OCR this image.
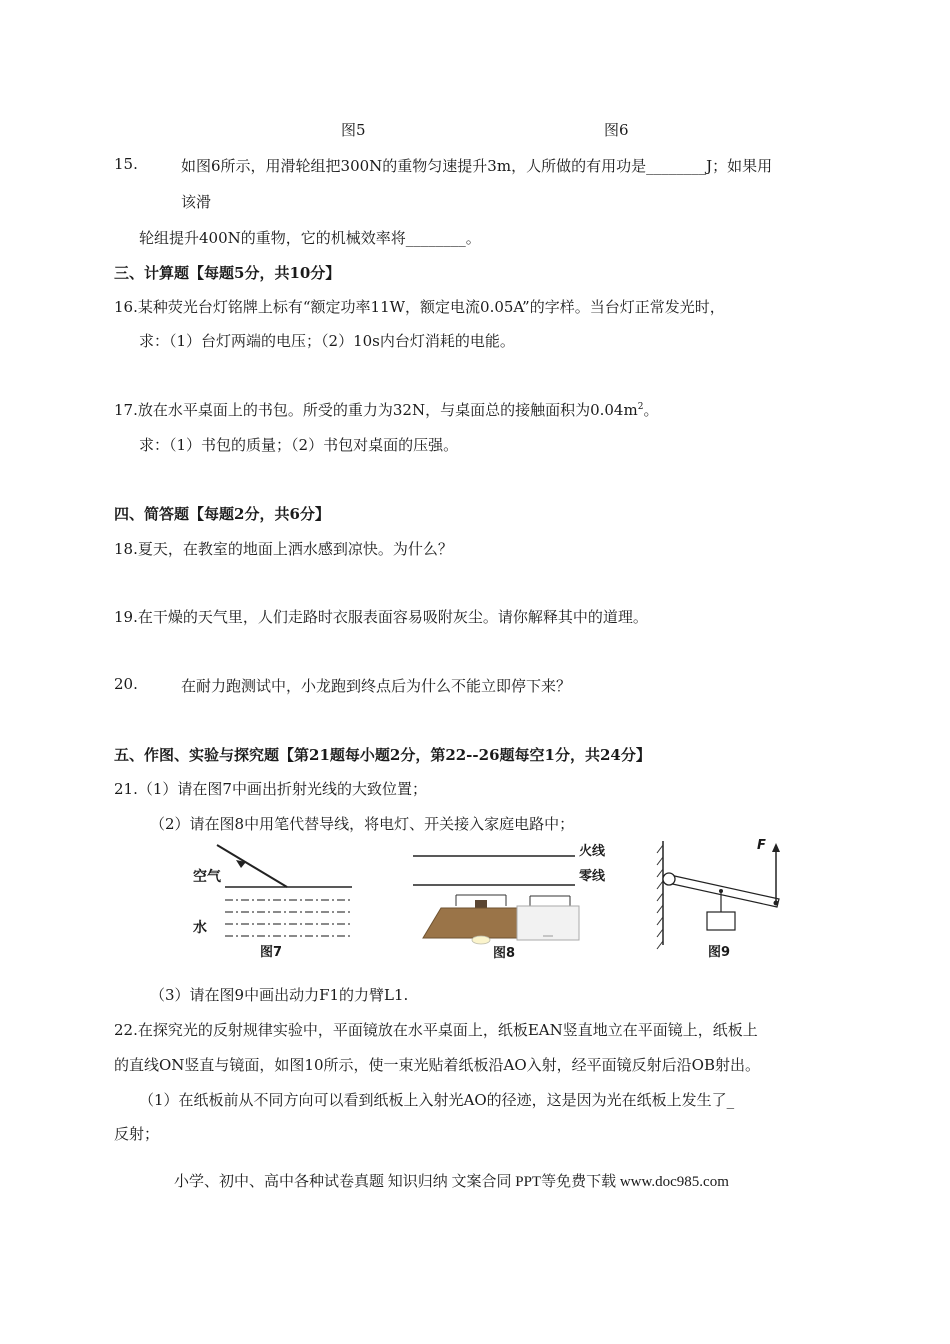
图5	图6
15.	如图6所示，用滑轮组把300N的重物匀速提升3m，人所做的有用功是________J；如果用
该滑
轮组提升400N的重物，它的机械效率将________。
三、计算题【每题5分，共10分】
16.某种荧光台灯铭牌上标有“额定功率11W，额定电流0.05A”的字样。当台灯正常发光时，
求：（1）台灯两端的电压；（2）10s内台灯消耗的电能。
17.放在水平桌面上的书包。所受的重力为32N，与桌面总的接触面积为$0.04m^2$。
求：（1）书包的质量；（2）书包对桌面的压强。
四、简答题【每题2分，共6分】
18.夏天，在教室的地面上洒水感到凉快。为什么？
19.在干燥的天气里，人们走路时衣服表面容易吸附灰尘。请你解释其中的道理。
20.	在耐力跑测试中，小龙跑到终点后为什么不能立即停下来？
五、作图、实验与探究题【第21题每小题2分，第22--26题每空1分，共24分】
21.（1）请在图7中画出折射光线的大致位置；
（2）请在图8中用笔代替导线，将电灯、开关接入家庭电路中；
空气
水
图7
火线
零线
图8
F
图9
（3）请在图9中画出动力F1的力臂L1.
22.在探究光的反射规律实验中，平面镜放在水平桌面上，纸板EAN竖直地立在平面镜上，纸板上
的直线ON竖直与镜面，如图10所示，使一束光贴着纸板沿AO入射，经平面镜反射后沿OB射出。
（1）在纸板前从不同方向可以看到纸板上入射光AO的径迹，这是因为光在纸板上发生了_
反射；
小学、初中、高中各种试卷真题 知识归纳 文案合同 PPT等免费下载 www.doc985.com
